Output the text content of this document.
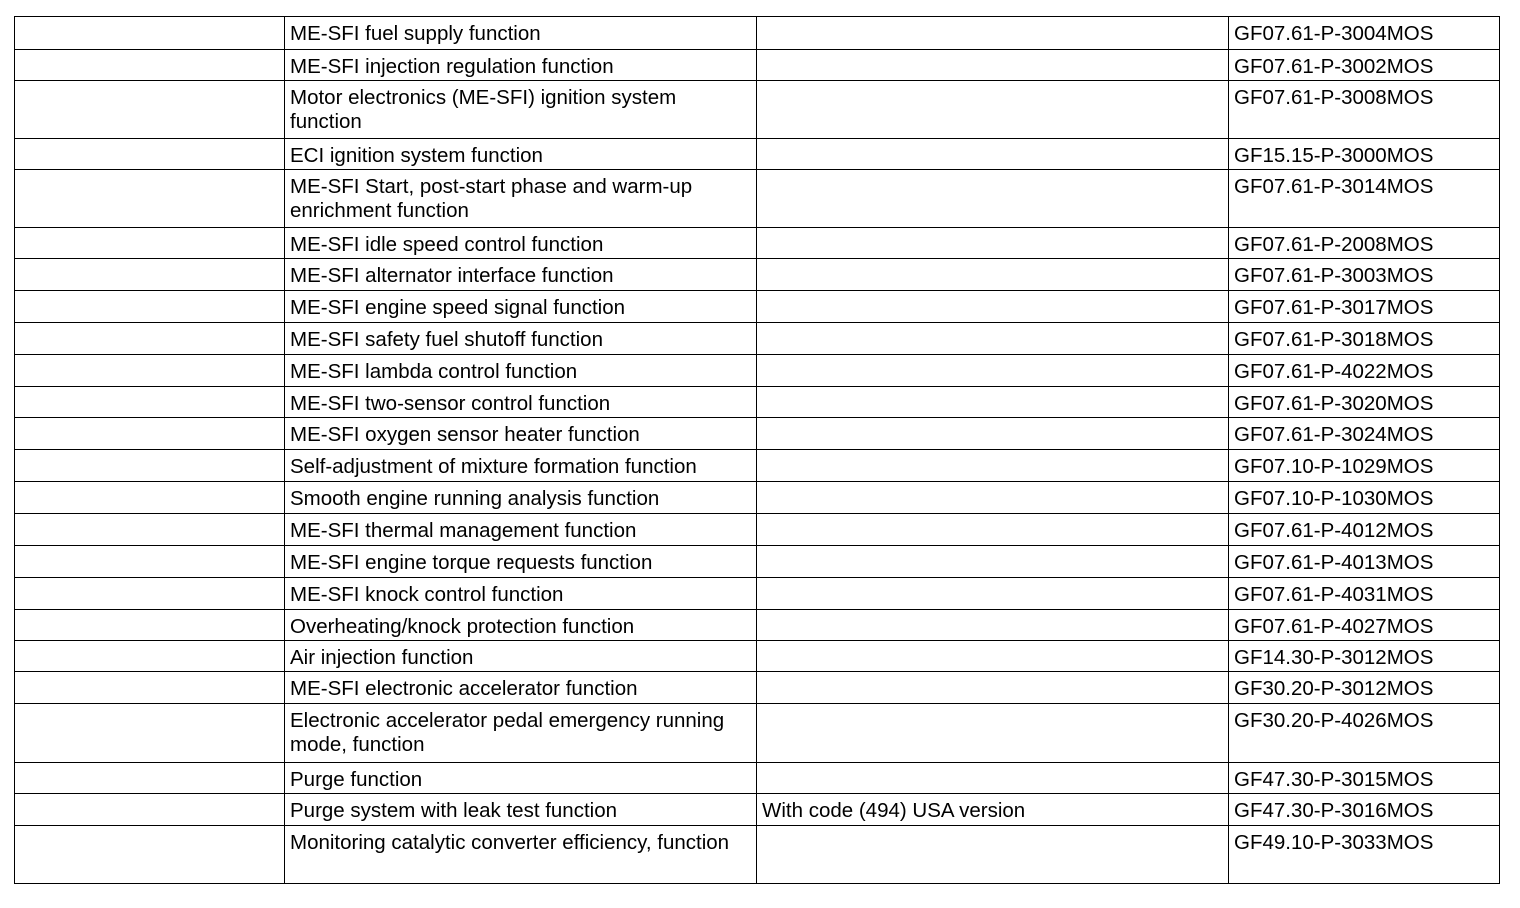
	ME-SFI fuel supply function		GF07.61-P-3004MOS
	ME-SFI injection regulation function		GF07.61-P-3002MOS
	Motor electronics (ME-SFI) ignition system function		GF07.61-P-3008MOS
	ECI ignition system function		GF15.15-P-3000MOS
	ME-SFI Start, post-start phase and warm-up enrichment function		GF07.61-P-3014MOS
	ME-SFI idle speed control function		GF07.61-P-2008MOS
	ME-SFI alternator interface function		GF07.61-P-3003MOS
	ME-SFI engine speed signal function		GF07.61-P-3017MOS
	ME-SFI safety fuel shutoff function		GF07.61-P-3018MOS
	ME-SFI lambda control function		GF07.61-P-4022MOS
	ME-SFI two-sensor control function		GF07.61-P-3020MOS
	ME-SFI oxygen sensor heater function		GF07.61-P-3024MOS
	Self-adjustment of mixture formation function		GF07.10-P-1029MOS
	Smooth engine running analysis function		GF07.10-P-1030MOS
	ME-SFI thermal management function		GF07.61-P-4012MOS
	ME-SFI engine torque requests function		GF07.61-P-4013MOS
	ME-SFI knock control function		GF07.61-P-4031MOS
	Overheating/knock protection function		GF07.61-P-4027MOS
	Air injection function		GF14.30-P-3012MOS
	ME-SFI electronic accelerator function		GF30.20-P-3012MOS
	Electronic accelerator pedal emergency running mode, function		GF30.20-P-4026MOS
	Purge function		GF47.30-P-3015MOS
	Purge system with leak test function	With code (494) USA version	GF47.30-P-3016MOS
	Monitoring catalytic converter efficiency, function		GF49.10-P-3033MOS
